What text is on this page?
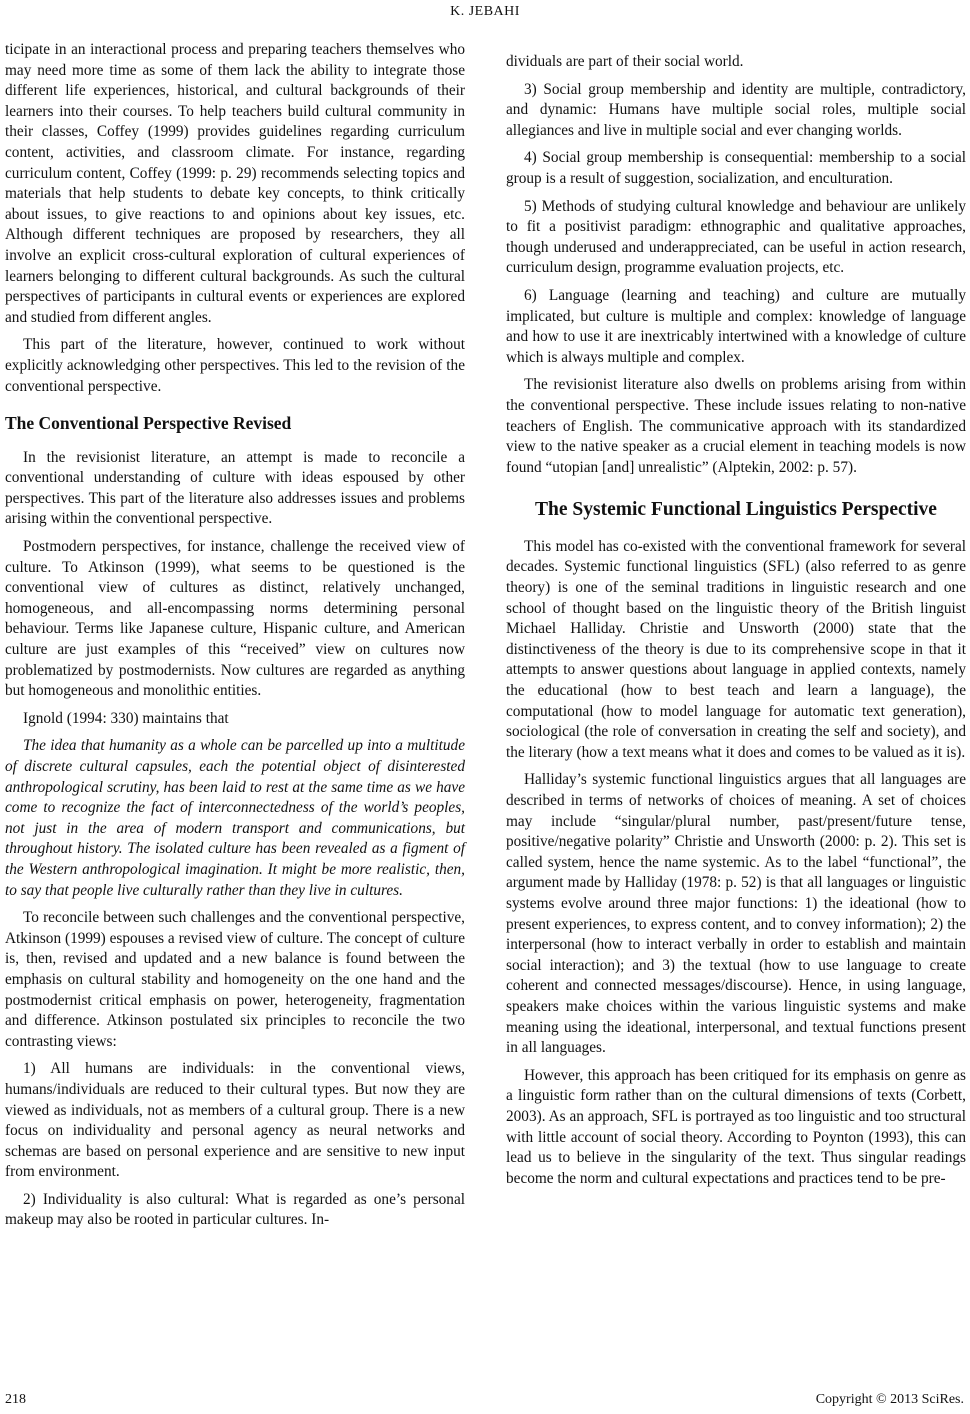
K. JEBAHI

ticipate in an interactional process and preparing teachers themselves who may need more time as some of them lack the ability to integrate those different life experiences, historical, and cultural backgrounds of their learners into their courses. To help teachers build cultural community in their classes, Coffey (1999) provides guidelines regarding curriculum content, activities, and classroom climate. For instance, regarding curriculum content, Coffey (1999: p. 29) recommends selecting topics and materials that help students to debate key concepts, to think critically about issues, to give reactions to and opinions about key issues, etc. Although different techniques are proposed by researchers, they all involve an explicit cross-cultural exploration of cultural experiences of learners belonging to different cultural backgrounds. As such the cultural perspectives of participants in cultural events or experiences are explored and studied from different angles.

This part of the literature, however, continued to work without explicitly acknowledging other perspectives. This led to the revision of the conventional perspective.

The Conventional Perspective Revised

In the revisionist literature, an attempt is made to reconcile a conventional understanding of culture with ideas espoused by other perspectives. This part of the literature also addresses issues and problems arising within the conventional perspective.

Postmodern perspectives, for instance, challenge the received view of culture. To Atkinson (1999), what seems to be questioned is the conventional view of cultures as distinct, relatively unchanged, homogeneous, and all-encompassing norms determining personal behaviour. Terms like Japanese culture, Hispanic culture, and American culture are just examples of this “received” view on cultures now problematized by postmodernists. Now cultures are regarded as anything but homogeneous and monolithic entities.

Ignold (1994: 330) maintains that

The idea that humanity as a whole can be parcelled up into a multitude of discrete cultural capsules, each the potential object of disinterested anthropological scrutiny, has been laid to rest at the same time as we have come to recognize the fact of interconnectedness of the world’s peoples, not just in the area of modern transport and communications, but throughout history. The isolated culture has been revealed as a figment of the Western anthropological imagination. It might be more realistic, then, to say that people live culturally rather than they live in cultures.

To reconcile between such challenges and the conventional perspective, Atkinson (1999) espouses a revised view of culture. The concept of culture is, then, revised and updated and a new balance is found between the emphasis on cultural stability and homogeneity on the one hand and the postmodernist critical emphasis on power, heterogeneity, fragmentation and difference. Atkinson postulated six principles to reconcile the two contrasting views:

1) All humans are individuals: in the conventional views, humans/individuals are reduced to their cultural types. But now they are viewed as individuals, not as members of a cultural group. There is a new focus on individuality and personal agency as neural networks and schemas are based on personal experience and are sensitive to new input from environment.

2) Individuality is also cultural: What is regarded as one’s personal makeup may also be rooted in particular cultures. In-

dividuals are part of their social world.

3) Social group membership and identity are multiple, contradictory, and dynamic: Humans have multiple social roles, multiple social allegiances and live in multiple social and ever changing worlds.

4) Social group membership is consequential: membership to a social group is a result of suggestion, socialization, and enculturation.

5) Methods of studying cultural knowledge and behaviour are unlikely to fit a positivist paradigm: ethnographic and qualitative approaches, though underused and underappreciated, can be useful in action research, curriculum design, programme evaluation projects, etc.

6) Language (learning and teaching) and culture are mutually implicated, but culture is multiple and complex: knowledge of language and how to use it are inextricably intertwined with a knowledge of culture which is always multiple and complex.

The revisionist literature also dwells on problems arising from within the conventional perspective. These include issues relating to non-native teachers of English. The communicative approach with its standardized view to the native speaker as a crucial element in teaching models is now found “utopian [and] unrealistic” (Alptekin, 2002: p. 57).

The Systemic Functional Linguistics Perspective

This model has co-existed with the conventional framework for several decades. Systemic functional linguistics (SFL) (also referred to as genre theory) is one of the seminal traditions in linguistic research and one school of thought based on the linguistic theory of the British linguist Michael Halliday. Christie and Unsworth (2000) state that the distinctiveness of the theory is due to its comprehensive scope in that it attempts to answer questions about language in applied contexts, namely the educational (how to best teach and learn a language), the computational (how to model language for automatic text generation), sociological (the role of conversation in creating the self and society), and the literary (how a text means what it does and comes to be valued as it is).

Halliday’s systemic functional linguistics argues that all languages are described in terms of networks of choices of meaning. A set of choices may include “singular/plural number, past/present/future tense, positive/negative polarity” Christie and Unsworth (2000: p. 2). This set is called system, hence the name systemic. As to the label “functional”, the argument made by Halliday (1978: p. 52) is that all languages or linguistic systems evolve around three major functions: 1) the ideational (how to present experiences, to express content, and to convey information); 2) the interpersonal (how to interact verbally in order to establish and maintain social interaction); and 3) the textual (how to use language to create coherent and connected messages/discourse). Hence, in using language, speakers make choices within the various linguistic systems and make meaning using the ideational, interpersonal, and textual functions present in all languages.

However, this approach has been critiqued for its emphasis on genre as a linguistic form rather than on the cultural dimensions of texts (Corbett, 2003). As an approach, SFL is portrayed as too linguistic and too structural with little account of social theory. According to Poynton (1993), this can lead us to believe in the singularity of the text. Thus singular readings become the norm and cultural expectations and practices tend to be pre-

218	Copyright © 2013 SciRes.
